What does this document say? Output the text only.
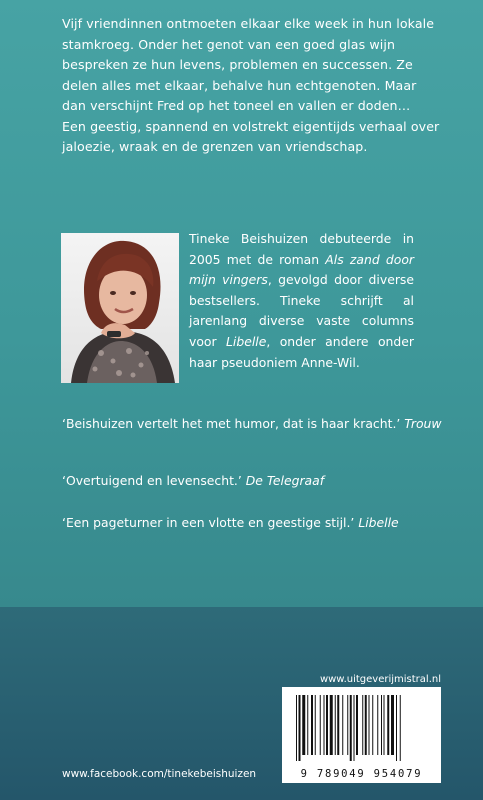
Vijf vriendinnen ontmoeten elkaar elke week in hun lokale stamkroeg. Onder het genot van een goed glas wijn bespreken ze hun levens, problemen en successen. Ze delen alles met elkaar, behalve hun echtgenoten. Maar dan verschijnt Fred op het toneel en vallen er doden…

Een geestig, spannend en volstrekt eigentijds verhaal over jaloezie, wraak en de grenzen van vriendschap.

Tineke Beishuizen debuteerde in 2005 met de roman Als zand door mijn vingers, gevolgd door diverse bestsellers. Tineke schrijft al jarenlang diverse vaste columns voor Libelle, onder andere onder haar pseudoniem Anne-Wil.

‘Beishuizen vertelt het met humor, dat is haar kracht.’ Trouw

‘Overtuigend en levensecht.’ De Telegraaf

‘Een pageturner in een vlotte en geestige stijl.’ Libelle

www.uitgeverijmistral.nl

9 789049 954079

www.facebook.com/tinekebeishuizen
